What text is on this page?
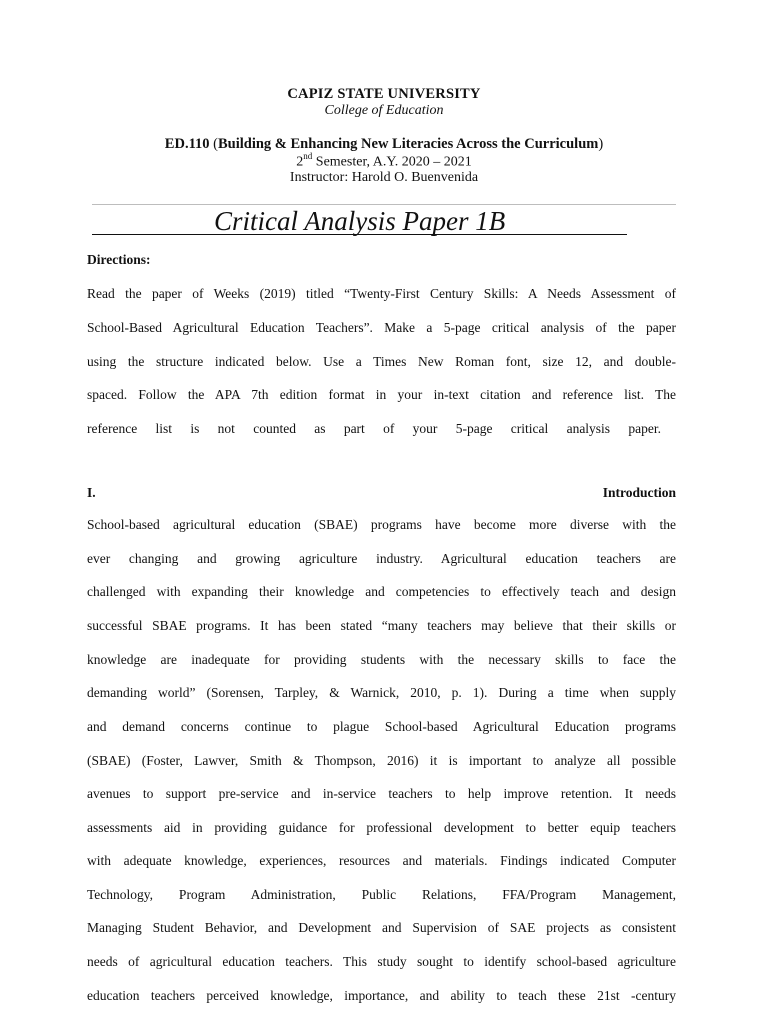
CAPIZ STATE UNIVERSITY
College of Education
ED.110 (Building & Enhancing New Literacies Across the Curriculum)
2nd Semester, A.Y. 2020 – 2021
Instructor: Harold O. Buenvenida
Critical Analysis Paper 1B
Directions:
Read the paper of Weeks (2019) titled “Twenty-First Century Skills: A Needs Assessment of
School-Based Agricultural Education Teachers”. Make a 5-page critical analysis of the paper
using the structure indicated below. Use a Times New Roman font, size 12, and double-
spaced. Follow the APA 7th edition format in your in-text citation and reference list. The
reference list is not counted as part of your 5-page critical analysis paper.
I.	Introduction
School-based agricultural education (SBAE) programs have become more diverse with the
ever changing and growing agriculture industry. Agricultural education teachers are
challenged with expanding their knowledge and competencies to effectively teach and design
successful SBAE programs. It has been stated “many teachers may believe that their skills or
knowledge are inadequate for providing students with the necessary skills to face the
demanding world” (Sorensen, Tarpley, & Warnick, 2010, p. 1). During a time when supply
and demand concerns continue to plague School-based Agricultural Education programs
(SBAE) (Foster, Lawver, Smith & Thompson, 2016) it is important to analyze all possible
avenues to support pre-service and in-service teachers to help improve retention. It needs
assessments aid in providing guidance for professional development to better equip teachers
with adequate knowledge, experiences, resources and materials. Findings indicated Computer
Technology, Program Administration, Public Relations, FFA/Program Management,
Managing Student Behavior, and Development and Supervision of SAE projects as consistent
needs of agricultural education teachers. This study sought to identify school-based agriculture
education teachers perceived knowledge, importance, and ability to teach these 21st -century
